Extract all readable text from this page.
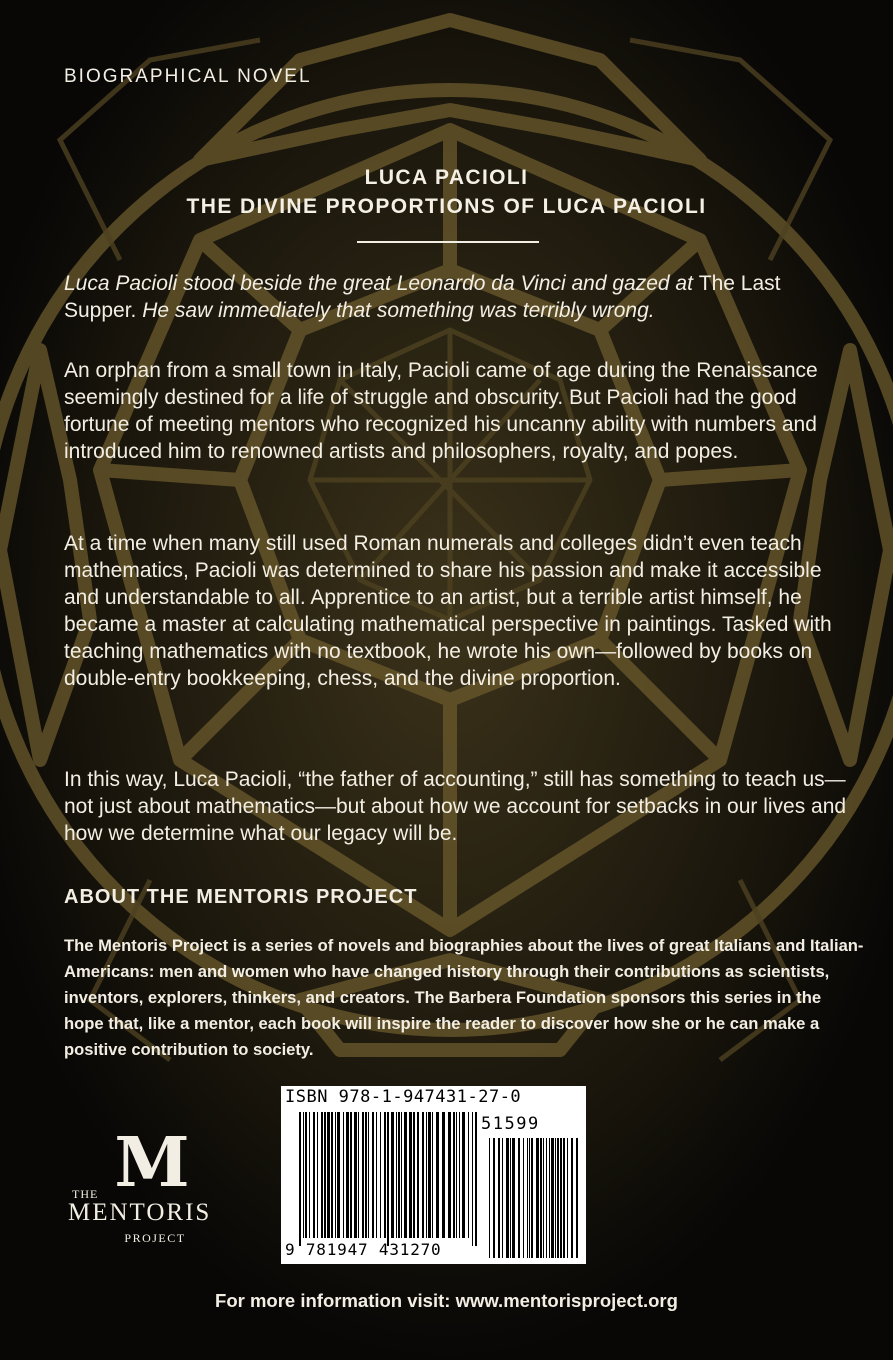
BIOGRAPHICAL NOVEL
LUCA PACIOLI
THE DIVINE PROPORTIONS OF LUCA PACIOLI

Luca Pacioli stood beside the great Leonardo da Vinci and gazed at The Last Supper. He saw immediately that something was terribly wrong.

An orphan from a small town in Italy, Pacioli came of age during the Renaissance seemingly destined for a life of struggle and obscurity. But Pacioli had the good fortune of meeting mentors who recognized his uncanny ability with numbers and introduced him to renowned artists and philosophers, royalty, and popes.

At a time when many still used Roman numerals and colleges didn’t even teach mathematics, Pacioli was determined to share his passion and make it accessible and understandable to all. Apprentice to an artist, but a terrible artist himself, he became a master at calculating mathematical perspective in paintings. Tasked with teaching mathematics with no textbook, he wrote his own—followed by books on double-entry bookkeeping, chess, and the divine proportion.

In this way, Luca Pacioli, “the father of accounting,” still has something to teach us—not just about mathematics—but about how we account for setbacks in our lives and how we determine what our legacy will be.

ABOUT THE MENTORIS PROJECT

The Mentoris Project is a series of novels and biographies about the lives of great Italians and Italian-Americans: men and women who have changed history through their contributions as scientists, inventors, explorers, thinkers, and creators. The Barbera Foundation sponsors this series in the hope that, like a mentor, each book will inspire the reader to discover how she or he can make a positive contribution to society.

ISBN 978-1-947431-27-0
51599
9 781947 431270
M
THE
MENTORIS
PROJECT
For more information visit: www.mentorisproject.org
